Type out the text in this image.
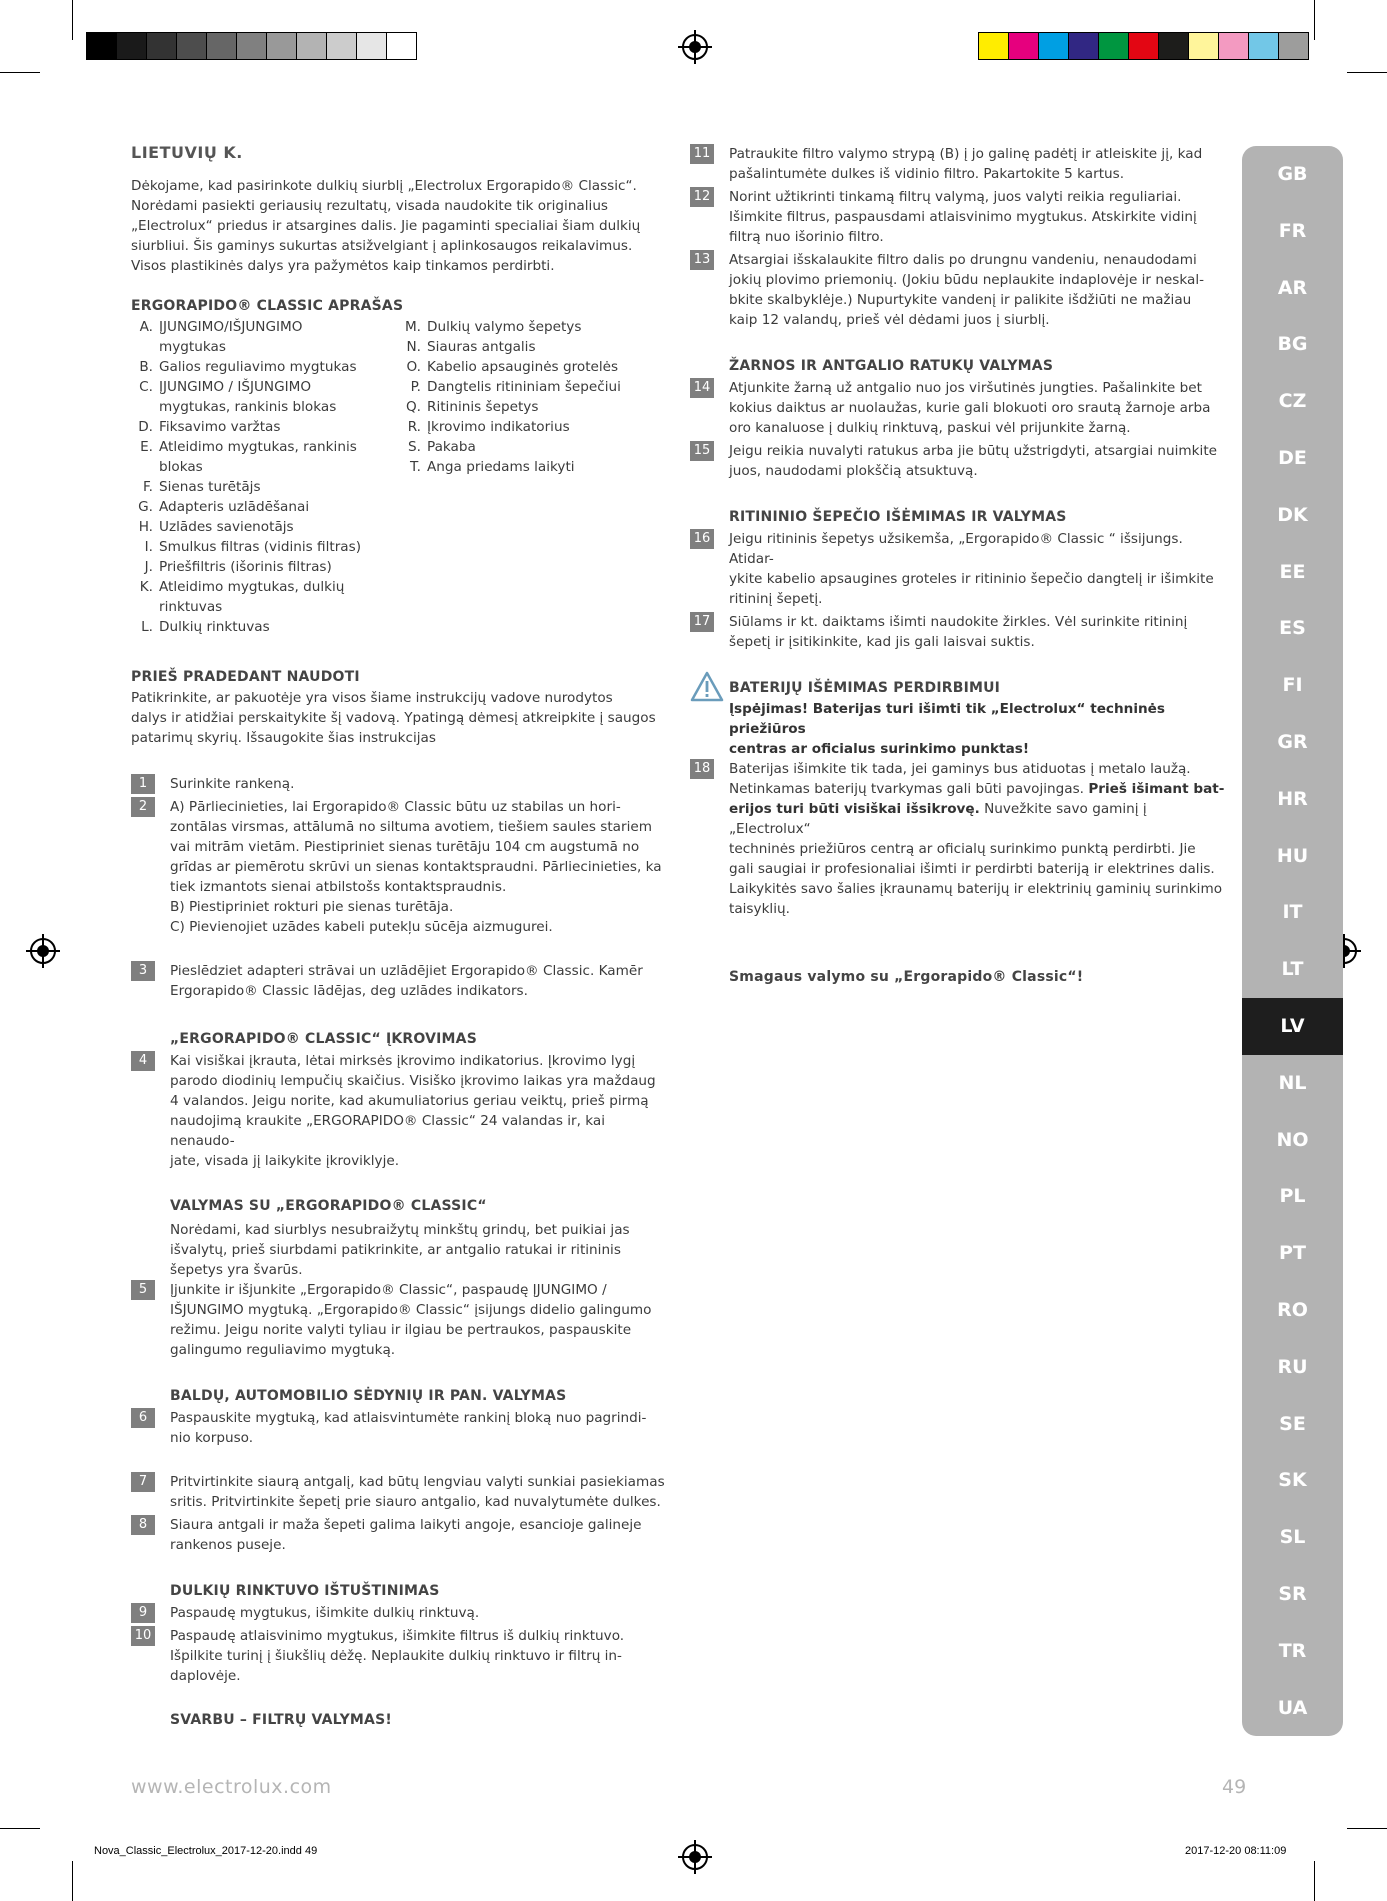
LIETUVIŲ K.

Dėkojame, kad pasirinkote dulkių siurblį „Electrolux Ergorapido® Classic“.
Norėdami pasiekti geriausių rezultatų, visada naudokite tik originalius
„Electrolux“ priedus ir atsargines dalis. Jie pagaminti specialiai šiam dulkių
siurbliui. Šis gaminys sukurtas atsižvelgiant į aplinkosaugos reikalavimus.
Visos plastikinės dalys yra pažymėtos kaip tinkamos perdirbti.

ERGORAPIDO® CLASSIC APRAŠAS
A. ĮJUNGIMO/IŠJUNGIMO
mygtukas
B. Galios reguliavimo mygtukas
C. ĮJUNGIMO / IŠJUNGIMO
mygtukas, rankinis blokas
D. Fiksavimo varžtas
E. Atleidimo mygtukas, rankinis
blokas
F. Sienas turētājs
G. Adapteris uzlādēšanai
H. Uzlādes savienotājs
I. Smulkus filtras (vidinis filtras)
J. Priešfiltris (išorinis filtras)
K. Atleidimo mygtukas, dulkių
rinktuvas
L. Dulkių rinktuvas
M. Dulkių valymo šepetys
N. Siauras antgalis
O. Kabelio apsauginės grotelės
P. Dangtelis ritininiam šepečiui
Q. Ritininis šepetys
R. Įkrovimo indikatorius
S. Pakaba
T. Anga priedams laikyti
PRIEŠ PRADEDANT NAUDOTI

Patikrinkite, ar pakuotėje yra visos šiame instrukcijų vadove nurodytos
dalys ir atidžiai perskaitykite šį vadovą. Ypatingą dėmesį atkreipkite į saugos
patarimų skyrių. Išsaugokite šias instrukcijas

1	Surinkite rankeną.
2	A) Pārliecinieties, lai Ergorapido® Classic būtu uz stabilas un hori-
zontālas virsmas, attālumā no siltuma avotiem, tiešiem saules stariem
vai mitrām vietām. Piestipriniet sienas turētāju 104 cm augstumā no
grīdas ar piemērotu skrūvi un sienas kontaktspraudni. Pārliecinieties, ka
tiek izmantots sienai atbilstošs kontaktspraudnis.
B) Piestipriniet rokturi pie sienas turētāja.
C) Pievienojiet uzādes kabeli putekļu sūcēja aizmugurei.
3	Pieslēdziet adapteri strāvai un uzlādējiet Ergorapido® Classic. Kamēr
Ergorapido® Classic lādējas, deg uzlādes indikators.
„ERGORAPIDO® CLASSIC“ ĮKROVIMAS
4	Kai visiškai įkrauta, lėtai mirksės įkrovimo indikatorius. Įkrovimo lygį
parodo diodinių lempučių skaičius. Visiško įkrovimo laikas yra maždaug
4 valandos. Jeigu norite, kad akumuliatorius geriau veiktų, prieš pirmą
naudojimą kraukite „ERGORAPIDO® Classic“ 24 valandas ir, kai nenaudo-
jate, visada jį laikykite įkroviklyje.
VALYMAS SU „ERGORAPIDO® CLASSIC“

Norėdami, kad siurblys nesubraižytų minkštų grindų, bet puikiai jas
išvalytų, prieš siurbdami patikrinkite, ar antgalio ratukai ir ritininis
šepetys yra švarūs.

5	Įjunkite ir išjunkite „Ergorapido® Classic“, paspaudę ĮJUNGIMO /
IŠJUNGIMO mygtuką. „Ergorapido® Classic“ įsijungs didelio galingumo
režimu. Jeigu norite valyti tyliau ir ilgiau be pertraukos, paspauskite
galingumo reguliavimo mygtuką.
BALDŲ, AUTOMOBILIO SĖDYNIŲ IR PAN. VALYMAS
6	Paspauskite mygtuką, kad atlaisvintumėte rankinį bloką nuo pagrindi-
nio korpuso.
7	Pritvirtinkite siaurą antgalį, kad būtų lengviau valyti sunkiai pasiekiamas
sritis. Pritvirtinkite šepetį prie siauro antgalio, kad nuvalytumėte dulkes.
8	Siaura antgali ir maža šepeti galima laikyti angoje, esancioje galineje
rankenos puseje.
DULKIŲ RINKTUVO IŠTUŠTINIMAS
9	Paspaudę mygtukus, išimkite dulkių rinktuvą.
10 Paspaudę atlaisvinimo mygtukus, išimkite filtrus iš dulkių rinktuvo.
Išpilkite turinį į šiukšlių dėžę. Neplaukite dulkių rinktuvo ir filtrų in-
daplovėje.
SVARBU – FILTRŲ VALYMAS!
11 Patraukite filtro valymo strypą (B) į jo galinę padėtį ir atleiskite jį, kad
pašalintumėte dulkes iš vidinio filtro. Pakartokite 5 kartus.
12 Norint užtikrinti tinkamą filtrų valymą, juos valyti reikia reguliariai.
Išimkite filtrus, paspausdami atlaisvinimo mygtukus. Atskirkite vidinį
filtrą nuo išorinio filtro.
13 Atsargiai išskalaukite filtro dalis po drungnu vandeniu, nenaudodami
jokių plovimo priemonių. (Jokiu būdu neplaukite indaplovėje ir neskal-
bkite skalbyklėje.) Nupurtykite vandenį ir palikite išdžiūti ne mažiau
kaip 12 valandų, prieš vėl dėdami juos į siurblį.
ŽARNOS IR ANTGALIO RATUKŲ VALYMAS
14 Atjunkite žarną už antgalio nuo jos viršutinės jungties. Pašalinkite bet
kokius daiktus ar nuolaužas, kurie gali blokuoti oro srautą žarnoje arba
oro kanaluose į dulkių rinktuvą, paskui vėl prijunkite žarną.
15 Jeigu reikia nuvalyti ratukus arba jie būtų užstrigdyti, atsargiai nuimkite
juos, naudodami plokščią atsuktuvą.
RITININIO ŠEPEČIO IŠĖMIMAS IR VALYMAS
16 Jeigu ritininis šepetys užsikemša, „Ergorapido® Classic “ išsijungs. Atidar-
ykite kabelio apsaugines groteles ir ritininio šepečio dangtelį ir išimkite
ritininį šepetį.
17 Siūlams ir kt. daiktams išimti naudokite žirkles. Vėl surinkite ritininį
šepetį ir įsitikinkite, kad jis gali laisvai suktis.
BATERIJŲ IŠĖMIMAS PERDIRBIMUI

Įspėjimas! Baterijas turi išimti tik „Electrolux“ techninės priežiūros
centras ar oficialus surinkimo punktas!

18 Baterijas išimkite tik tada, jei gaminys bus atiduotas į metalo laužą.
Netinkamas baterijų tvarkymas gali būti pavojingas. Prieš išimant bat-
erijos turi būti visiškai išsikrovę. Nuvežkite savo gaminį į „Electrolux“
techninės priežiūros centrą ar oficialų surinkimo punktą perdirbti. Jie
gali saugiai ir profesionaliai išimti ir perdirbti bateriją ir elektrines dalis.
Laikykitės savo šalies įkraunamų baterijų ir elektrinių gaminių surinkimo
taisyklių.
Smagaus valymo su „Ergorapido® Classic“!
GB
FR
AR
BG
CZ
DE
DK
EE
ES
FI
GR
HR
HU
IT
LT
LV
NL
NO
PL
PT
RO
RU
SE
SK
SL
SR
TR
UA
www.electrolux.com	49
Nova_Classic_Electrolux_2017-12-20.indd 49	2017-12-20 08:11:09
